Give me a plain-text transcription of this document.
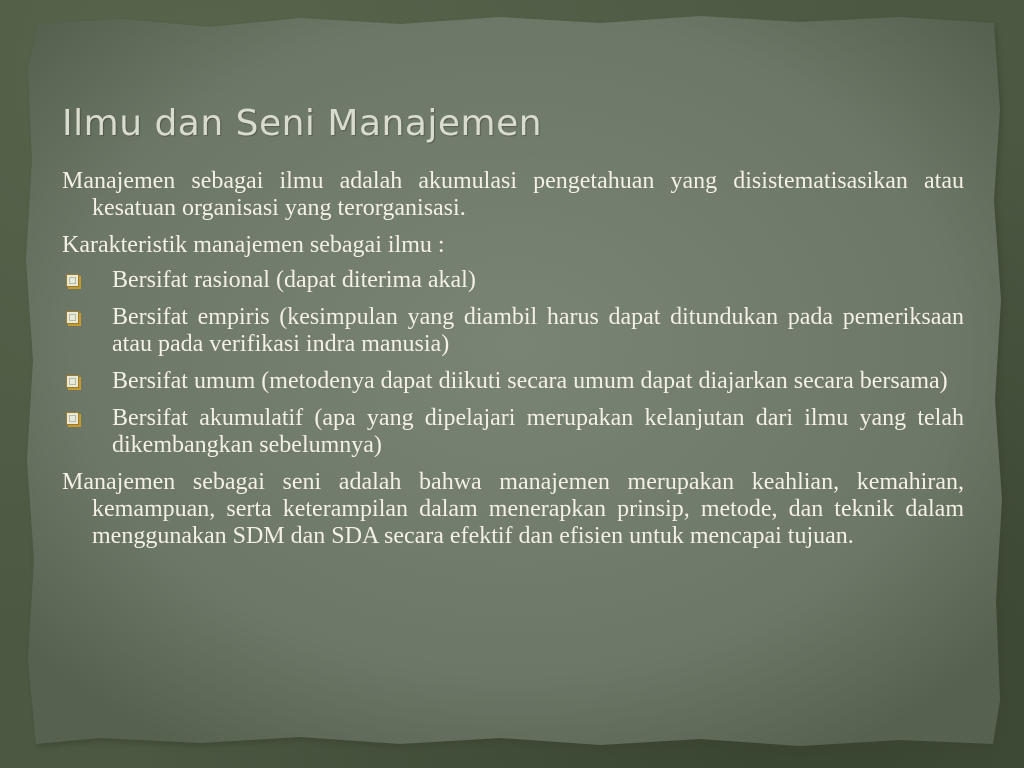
Ilmu dan Seni Manajemen

Manajemen sebagai ilmu adalah akumulasi pengetahuan yang disistematisasikan atau kesatuan organisasi yang terorganisasi.

Karakteristik manajemen sebagai ilmu :

Bersifat rasional (dapat diterima akal)
Bersifat empiris (kesimpulan yang diambil harus dapat ditundukan pada pemeriksaan atau pada verifikasi indra manusia)
Bersifat umum (metodenya dapat diikuti secara umum dapat diajarkan secara bersama)
Bersifat akumulatif (apa yang dipelajari merupakan kelanjutan dari ilmu yang telah dikembangkan sebelumnya)

Manajemen sebagai seni adalah bahwa manajemen merupakan keahlian, kemahiran, kemampuan, serta keterampilan dalam menerapkan prinsip, metode, dan teknik dalam menggunakan SDM dan SDA secara efektif dan efisien untuk mencapai tujuan.
